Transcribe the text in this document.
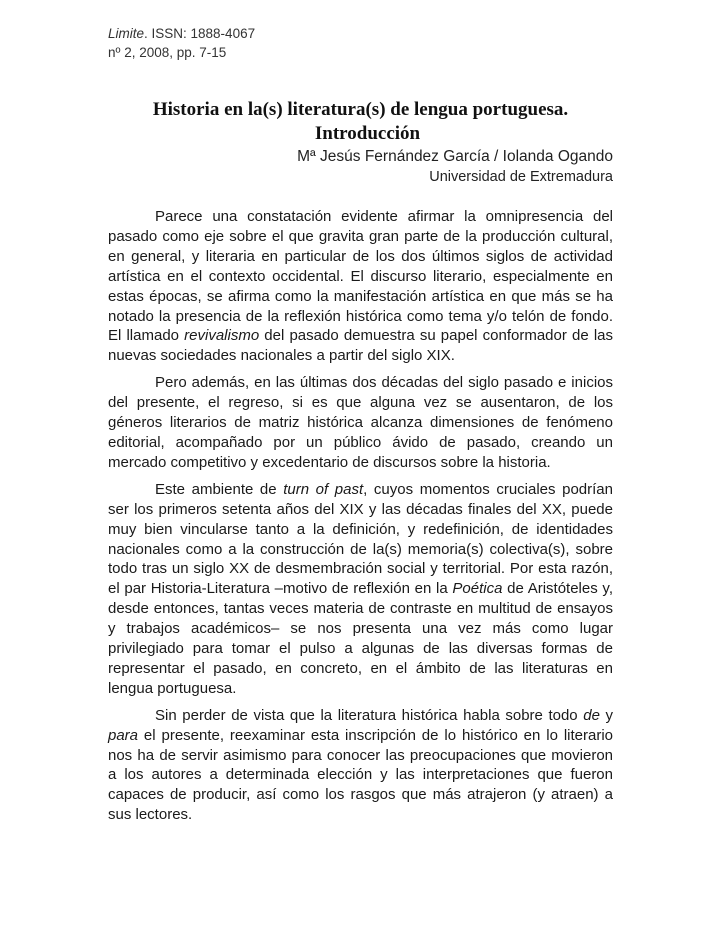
Limite. ISSN: 1888-4067
nº 2, 2008, pp. 7-15
Historia en la(s) literatura(s) de lengua portuguesa.
Introducción
Mª Jesús Fernández García / Iolanda Ogando
Universidad de Extremadura

Parece una constatación evidente afirmar la omnipresencia del pasado como eje sobre el que gravita gran parte de la producción cultural, en general, y literaria en particular de los dos últimos siglos de actividad artística en el contexto occidental. El discurso literario, especialmente en estas épocas, se afirma como la manifestación artística en que más se ha notado la presencia de la reflexión histórica como tema y/o telón de fondo. El llamado revivalismo del pasado demuestra su papel conformador de las nuevas sociedades nacionales a partir del siglo XIX.

Pero además, en las últimas dos décadas del siglo pasado e inicios del presente, el regreso, si es que alguna vez se ausentaron, de los géneros literarios de matriz histórica alcanza dimensiones de fenómeno editorial, acompañado por un público ávido de pasado, creando un mercado competitivo y excedentario de discursos sobre la historia.

Este ambiente de turn of past, cuyos momentos cruciales podrían ser los primeros setenta años del XIX y las décadas finales del XX, puede muy bien vincularse tanto a la definición, y redefinición, de identidades nacionales como a la construcción de la(s) memoria(s) colectiva(s), sobre todo tras un siglo XX de desmembración social y territorial. Por esta razón, el par Historia-Literatura –motivo de reflexión en la Poética de Aristóteles y, desde entonces, tantas veces materia de contraste en multitud de ensayos y trabajos académicos– se nos presenta una vez más como lugar privilegiado para tomar el pulso a algunas de las diversas formas de representar el pasado, en concreto, en el ámbito de las literaturas en lengua portuguesa.

Sin perder de vista que la literatura histórica habla sobre todo de y para el presente, reexaminar esta inscripción de lo histórico en lo literario nos ha de servir asimismo para conocer las preocupaciones que movieron a los autores a determinada elección y las interpretaciones que fueron capaces de producir, así como los rasgos que más atrajeron (y atraen) a sus lectores.
